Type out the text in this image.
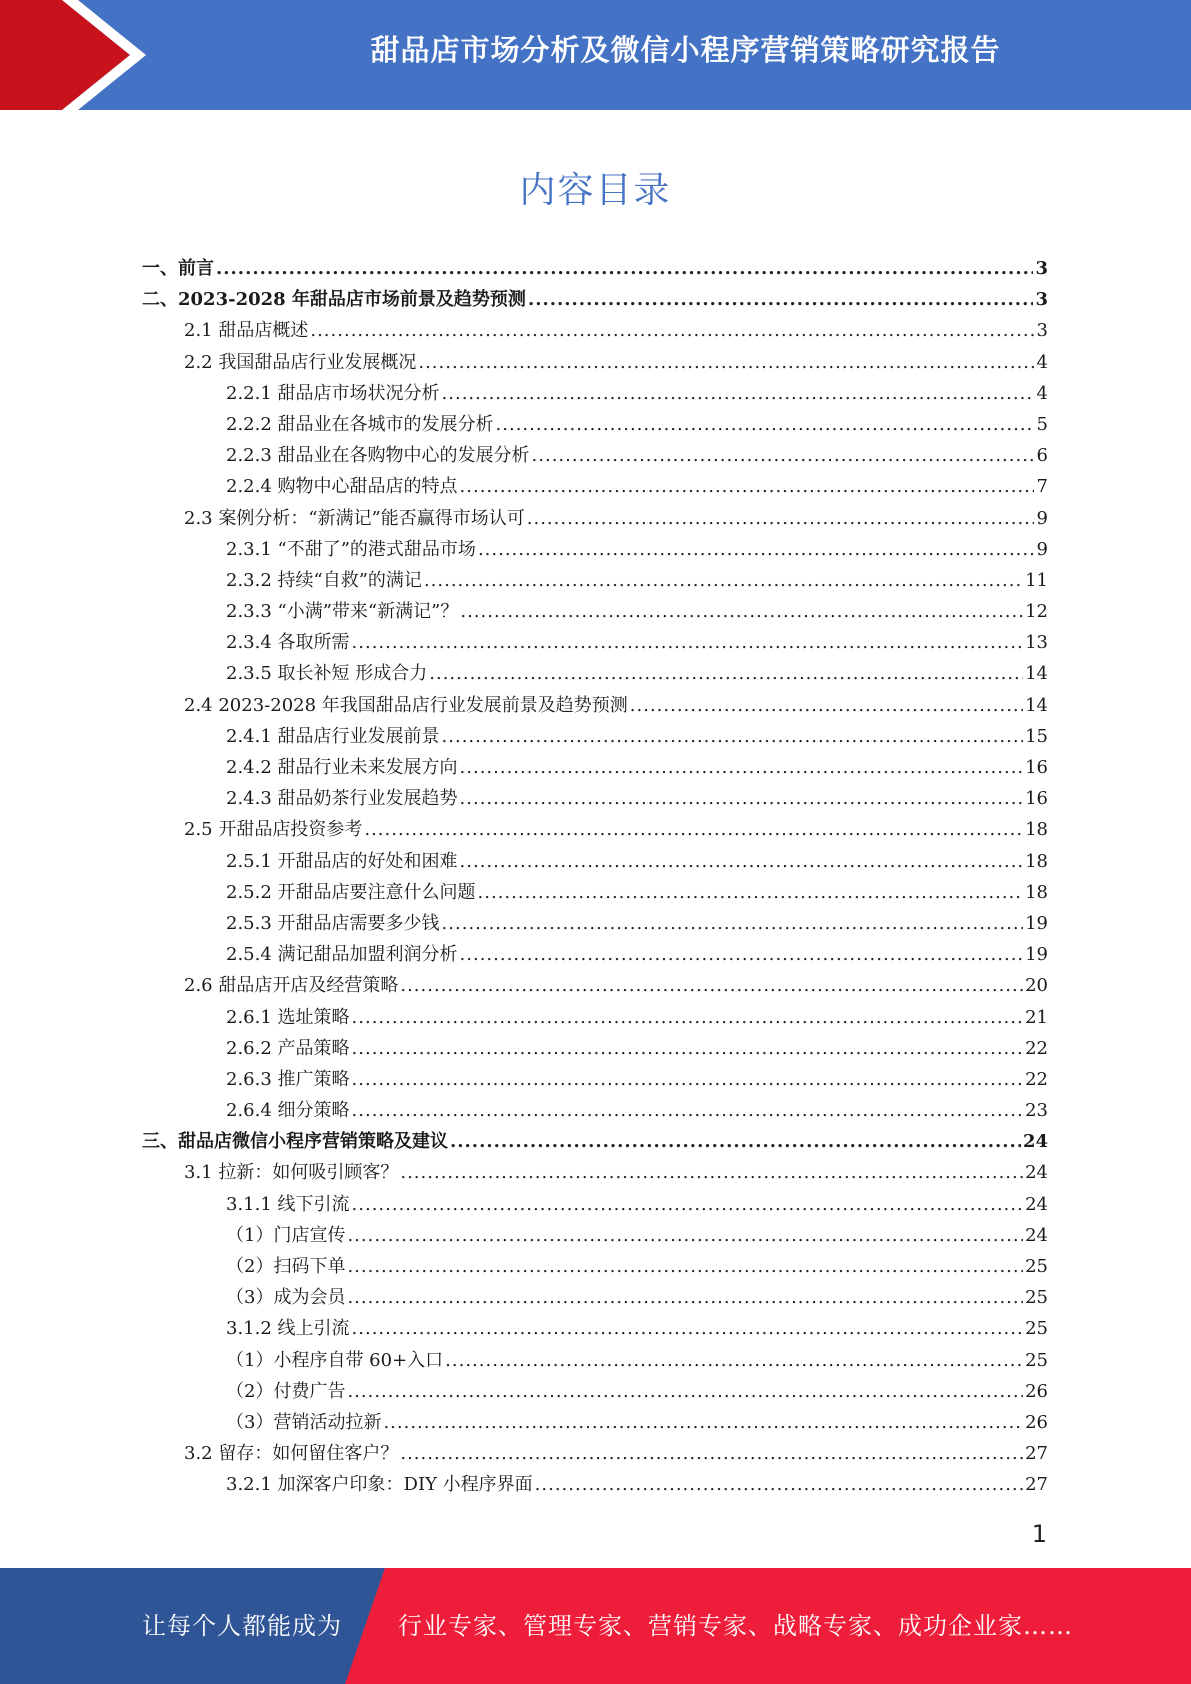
甜品店市场分析及微信小程序营销策略研究报告
内容目录
一、前言 .....	3
二、2023-2028 年甜品店市场前景及趋势预测 .....	3
2.1 甜品店概述 .....	3
2.2 我国甜品店行业发展概况 .....	4
2.2.1 甜品店市场状况分析 .....	4
2.2.2 甜品业在各城市的发展分析 .....	5
2.2.3 甜品业在各购物中心的发展分析 .....	6
2.2.4 购物中心甜品店的特点 .....	7
2.3 案例分析：“新满记”能否赢得市场认可 .....	9
2.3.1 “不甜了”的港式甜品市场 .....	9
2.3.2 持续“自救”的满记 .....	11
2.3.3 “小满”带来“新满记”？ .....	12
2.3.4 各取所需 .....	13
2.3.5 取长补短 形成合力 .....	14
2.4 2023-2028 年我国甜品店行业发展前景及趋势预测 .....	14
2.4.1 甜品店行业发展前景 .....	15
2.4.2 甜品行业未来发展方向 .....	16
2.4.3 甜品奶茶行业发展趋势 .....	16
2.5 开甜品店投资参考 .....	18
2.5.1 开甜品店的好处和困难 .....	18
2.5.2 开甜品店要注意什么问题 .....	18
2.5.3 开甜品店需要多少钱 .....	19
2.5.4 满记甜品加盟利润分析 .....	19
2.6 甜品店开店及经营策略 .....	20
2.6.1 选址策略 .....	21
2.6.2 产品策略 .....	22
2.6.3 推广策略 .....	22
2.6.4 细分策略 .....	23
三、甜品店微信小程序营销策略及建议 .....	24
3.1 拉新：如何吸引顾客？ .....	24
3.1.1 线下引流 .....	24
（1）门店宣传 .....	24
（2）扫码下单 .....	25
（3）成为会员 .....	25
3.1.2 线上引流 .....	25
（1）小程序自带 60+入口 .....	25
（2）付费广告 .....	26
（3）营销活动拉新 .....	26
3.2 留存：如何留住客户？ .....	27
3.2.1 加深客户印象：DIY 小程序界面 .....	27
1
让每个人都能成为 行业专家、管理专家、营销专家、战略专家、成功企业家……
